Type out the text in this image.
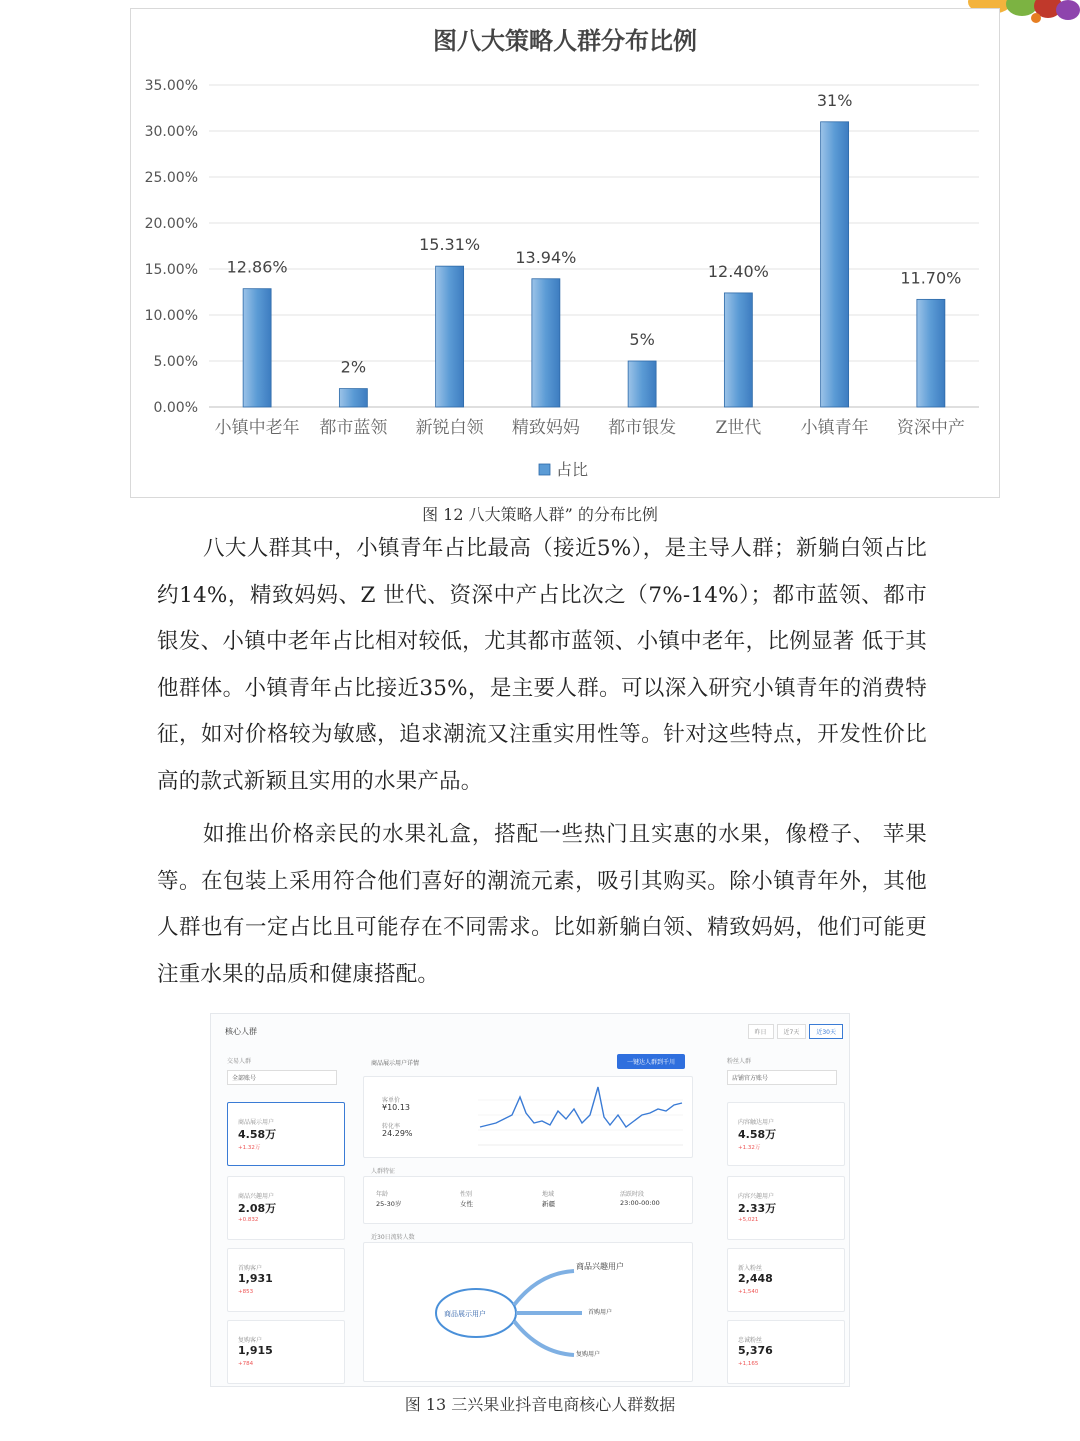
图八大策略人群分布比例
0.00%
5.00%
10.00%
15.00%
20.00%
25.00%
30.00%
35.00%
12.86%
小镇中老年
2%
都市蓝领
15.31%
新锐白领
13.94%
精致妈妈
5%
都市银发
12.40%
Z世代
31%
小镇青年
11.70%
资深中产
占比
图 12 八大策略人群” 的分布比例

八大人群其中，小镇青年占比最高（接近5%），是主导人群；新躺白领占比约14%，精致妈妈、Z 世代、资深中产占比次之（7%-14%）；都市蓝领、都市银发、小镇中老年占比相对较低，尤其都市蓝领、小镇中老年，比例显著 低于其他群体。小镇青年占比接近35%，是主要人群。可以深入研究小镇青年的消费特征，如对价格较为敏感，追求潮流又注重实用性等。针对这些特点，开发性价比高的款式新颖且实用的水果产品。

如推出价格亲民的水果礼盒，搭配一些热门且实惠的水果，像橙子、 苹果等。在包装上采用符合他们喜好的潮流元素，吸引其购买。除小镇青年外，其他人群也有一定占比且可能存在不同需求。比如新躺白领、精致妈妈，他们可能更注重水果的品质和健康搭配。

核心人群	昨日	近7天	近30天
交易人群
全部账号
粉丝人群
店铺官方账号
商品展示用户详情	一键达人群到千川
客单价
¥10.13
转化率
24.29%
人群特征
年龄
25-30岁
性别
女性
地域
新疆
活跃时段
23:00-00:00
近30日流转人数
商品展示用户
商品兴趣用户
首购用户
复购用户
商品展示用户
4.58万
+1.32万
商品兴趣用户
2.08万
+0.832
首购客户
1,931
+853
复购客户
1,915
+784
内容触达用户
4.58万
+1.32万
内容兴趣用户
2.33万
+5,021
新入粉丝
2,448
+1,540
忠诚粉丝
5,376
+1,165
图 13 三兴果业抖音电商核心人群数据
